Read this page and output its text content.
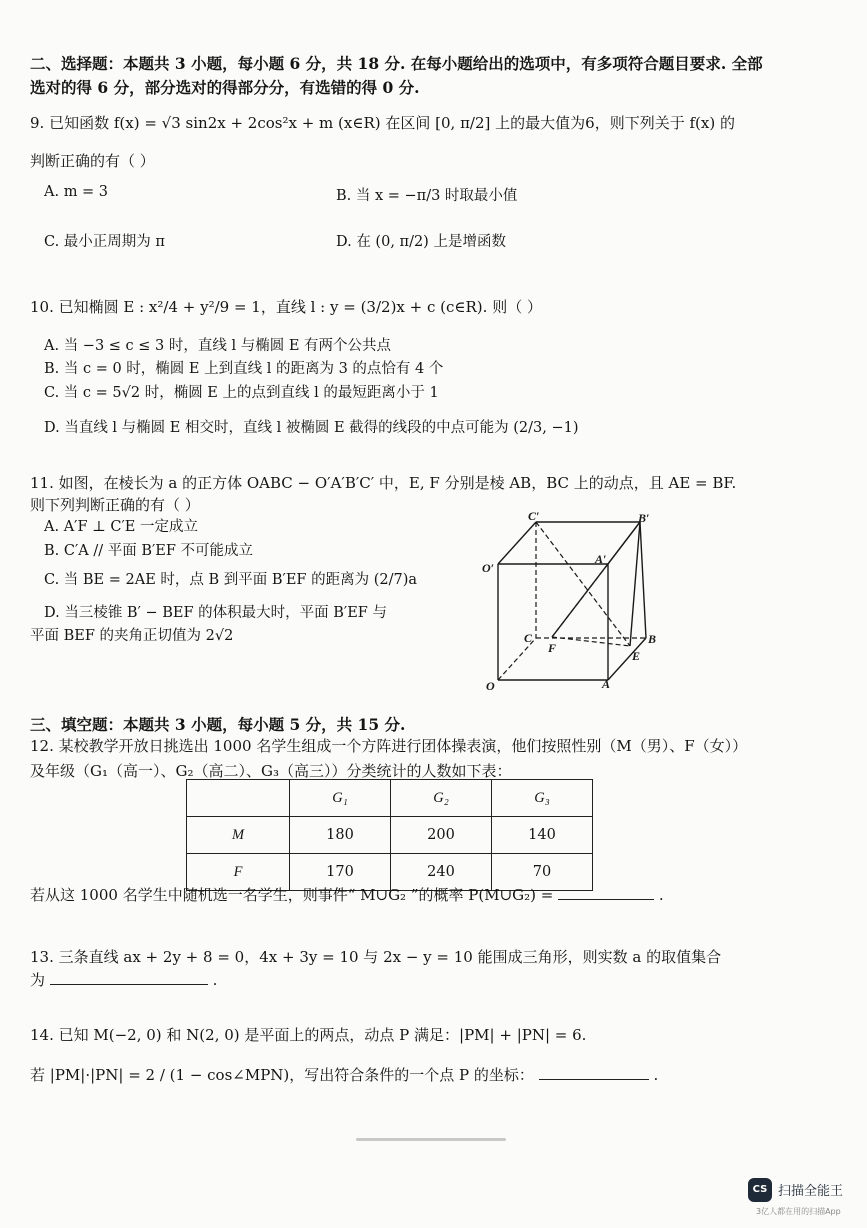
二、选择题：本题共 3 小题，每小题 6 分，共 18 分. 在每小题给出的选项中，有多项符合题目要求. 全部
选对的得 6 分，部分选对的得部分分，有选错的得 0 分.
9. 已知函数 f(x) = √3 sin2x + 2cos²x + m (x∈R) 在区间 [0, π/2] 上的最大值为6，则下列关于 f(x) 的
判断正确的有（ ）
A. m = 3	B. 当 x = −π/3 时取最小值
C. 最小正周期为 π	D. 在 (0, π/2) 上是增函数
10. 已知椭圆 E : x²/4 + y²/9 = 1，直线 l : y = (3/2)x + c (c∈R). 则（ ）
A. 当 −3 ≤ c ≤ 3 时，直线 l 与椭圆 E 有两个公共点
B. 当 c = 0 时，椭圆 E 上到直线 l 的距离为 3 的点恰有 4 个
C. 当 c = 5√2 时，椭圆 E 上的点到直线 l 的最短距离小于 1
D. 当直线 l 与椭圆 E 相交时，直线 l 被椭圆 E 截得的线段的中点可能为 (2/3, −1)
11. 如图，在棱长为 a 的正方体 OABC − O′A′B′C′ 中，E, F 分别是棱 AB，BC 上的动点，且 AE = BF.
则下列判断正确的有（ ）
A. A′F ⊥ C′E 一定成立
B. C′A // 平面 B′EF 不可能成立
C. 当 BE = 2AE 时，点 B 到平面 B′EF 的距离为 (2/7)a
D. 当三棱锥 B′ − BEF 的体积最大时，平面 B′EF 与
平面 BEF 的夹角正切值为 2√2
C′	B′
A′
O′
C
F
B
E
O	A
三、填空题：本题共 3 小题，每小题 5 分，共 15 分.
12. 某校教学开放日挑选出 1000 名学生组成一个方阵进行团体操表演，他们按照性别（M（男）、F（女））
及年级（G₁（高一）、G₂（高二）、G₃（高三））分类统计的人数如下表：
	G₁	G₂	G₃
M	180	200	140
F	170	240	70
若从这 1000 名学生中随机选一名学生，则事件“ M∪G₂ ”的概率 P(M∪G₂) =	.
13. 三条直线 ax + 2y + 8 = 0，4x + 3y = 10 与 2x − y = 10 能围成三角形，则实数 a 的取值集合
为	.
14. 已知 M(−2, 0) 和 N(2, 0) 是平面上的两点，动点 P 满足：|PM| + |PN| = 6.
若 |PM|·|PN| = 2 / (1 − cos∠MPN)，写出符合条件的一个点 P 的坐标：	.
CS 扫描全能王
3亿人都在用的扫描App
